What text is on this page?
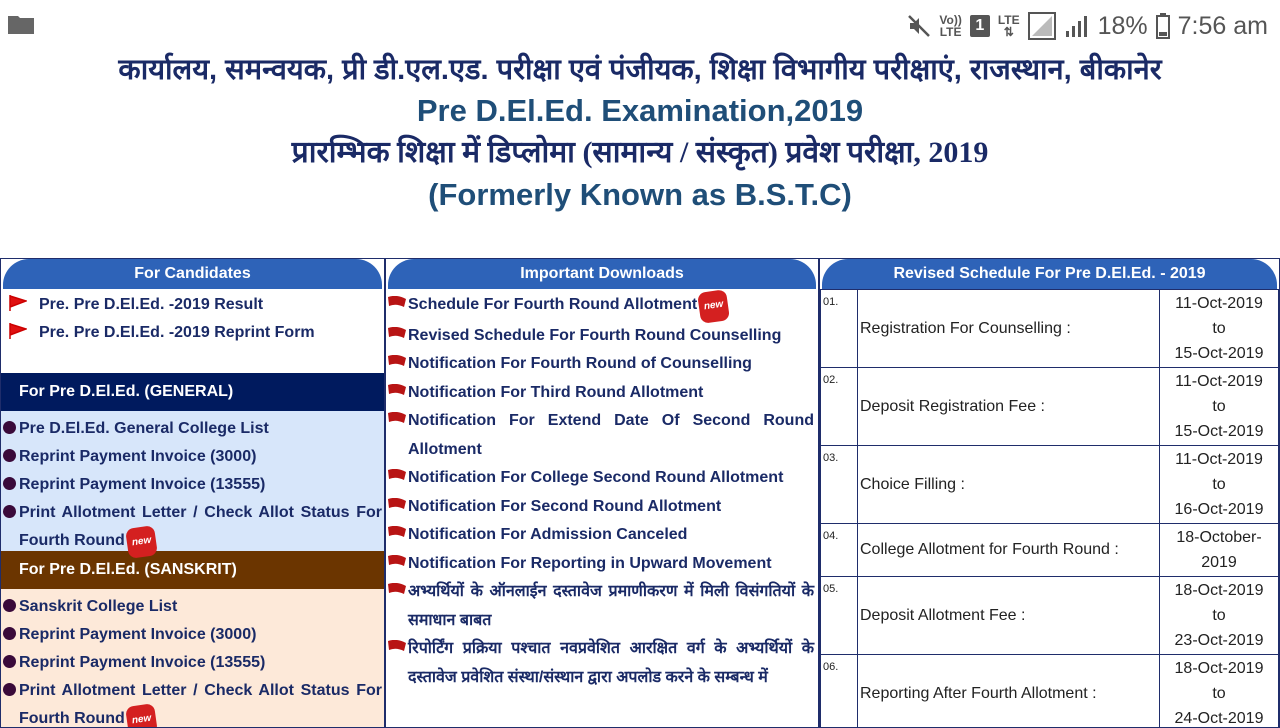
Vo))
LTE 1	LTE
⇅	18% 7:56 am
कार्यालय, समन्वयक, प्री डी.एल.एड. परीक्षा एवं पंजीयक, शिक्षा विभागीय परीक्षाएं, राजस्थान, बीकानेर
Pre D.El.Ed. Examination,2019
प्रारम्भिक शिक्षा में डिप्लोमा (सामान्य / संस्कृत) प्रवेश परीक्षा, 2019
(Formerly Known as B.S.T.C)
For Candidates
Pre. Pre D.El.Ed. -2019 Result
Pre. Pre D.El.Ed. -2019 Reprint Form
For Pre D.El.Ed. (GENERAL)
Pre D.El.Ed. General College List
Reprint Payment Invoice (3000)
Reprint Payment Invoice (13555)
Print Allotment Letter / Check Allot Status For Fourth Round new
For Pre D.El.Ed. (SANSKRIT)
Sanskrit College List
Reprint Payment Invoice (3000)
Reprint Payment Invoice (13555)
Print Allotment Letter / Check Allot Status For Fourth Round new
Important Downloads
Schedule For Fourth Round Allotment new
Revised Schedule For Fourth Round Counselling
Notification For Fourth Round of Counselling
Notification For Third Round Allotment
Notification For Extend Date Of Second Round Allotment
Notification For College Second Round Allotment
Notification For Second Round Allotment
Notification For Admission Canceled
Notification For Reporting in Upward Movement
अभ्यर्थियों के ऑनलाईन दस्तावेज प्रमाणीकरण में मिली विसंगतियों के समाधान बाबत
रिपोर्टिंग प्रक्रिया पश्चात नवप्रवेशित आरक्षित वर्ग के अभ्यर्थियों के दस्तावेज प्रवेशित संस्था/संस्थान द्वारा अपलोड करने के सम्बन्ध में
Revised Schedule For Pre D.El.Ed. - 2019
01.	Registration For Counselling :	11-Oct-2019
to
15-Oct-2019
02.	Deposit Registration Fee :	11-Oct-2019
to
15-Oct-2019
03.	Choice Filling :	11-Oct-2019
to
16-Oct-2019
04.	College Allotment for Fourth Round :	18-October-
2019
05.	Deposit Allotment Fee :	18-Oct-2019
to
23-Oct-2019
06.	Reporting After Fourth Allotment :	18-Oct-2019
to
24-Oct-2019
